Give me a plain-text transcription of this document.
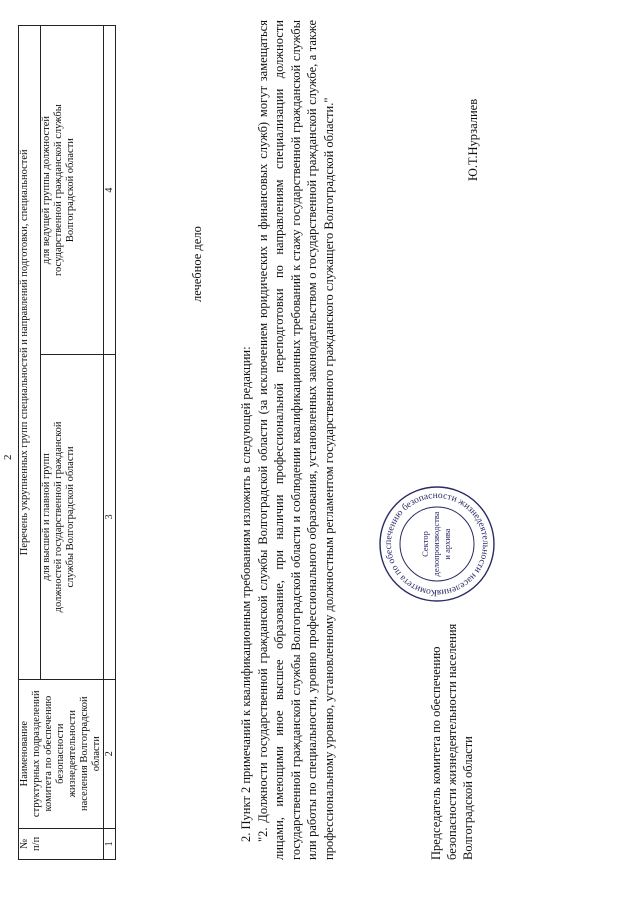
2
№
п/п	Наименование
структурных подразделений
комитета по обеспечению
безопасности жизнедеятельности
населения Волгоградской области	Перечень укрупненных групп специальностей и направлений подготовки, специальностей	
		для высшей и главной групп
должностей государственной гражданской
службы Волгоградской области	для ведущей группы должностей
государственной гражданской службы
Волгоградской области
1	2	3	4
лечебное дело

2. Пункт 2 примечаний к квалификационным требованиям изложить в следующей редакции: "2. Должности государственной гражданской службы Волгоградской области (за исключением юридических и финансовых служб) могут замещаться лицами, имеющими иное высшее образование, при наличии профессиональной переподготовки по направлениям специализации должности государственной гражданской службы Волгоградской области и соблюдении квалификационных требований к стажу государственной гражданской службы или работы по специальности, уровню профессионального образования, установленных законодательством о государственной гражданской службе, а также профессиональному уровню, установленному должностным регламентом государственного гражданского служащего Волгоградской области."	Комитета по обеспечению безопасности жизнедеятельности населения
Сектор делопроизводства и архива
Председатель комитета по обеспечению
безопасности жизнедеятельности населения
Волгоградской области
Ю.Т.Нурзалиев
